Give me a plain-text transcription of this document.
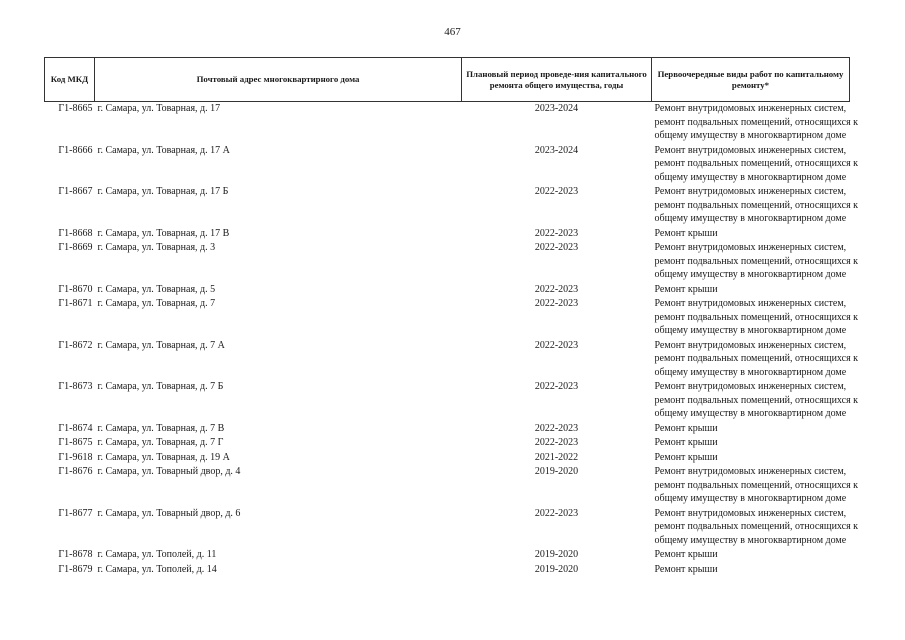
467
Код МКД	Почтовый адрес многоквартирного дома	Плановый период проведе-ния капитального ремонта общего имущества, годы	Первоочередные виды работ по капитальному ремонту*
Г1-8665	г. Самара, ул. Товарная, д. 17	2023-2024	Ремонт внутридомовых инженерных систем,
ремонт подвальных помещений, относящихся к
общему имуществу в многоквартирном доме

Г1-8666	г. Самара, ул. Товарная, д. 17 А	2023-2024	Ремонт внутридомовых инженерных систем,
ремонт подвальных помещений, относящихся к
общему имуществу в многоквартирном доме

Г1-8667	г. Самара, ул. Товарная, д. 17 Б	2022-2023	Ремонт внутридомовых инженерных систем,
ремонт подвальных помещений, относящихся к
общему имуществу в многоквартирном доме

Г1-8668	г. Самара, ул. Товарная, д. 17 В	2022-2023	Ремонт крыши

Г1-8669	г. Самара, ул. Товарная, д. 3	2022-2023	Ремонт внутридомовых инженерных систем,
ремонт подвальных помещений, относящихся к
общему имуществу в многоквартирном доме

Г1-8670	г. Самара, ул. Товарная, д. 5	2022-2023	Ремонт крыши

Г1-8671	г. Самара, ул. Товарная, д. 7	2022-2023	Ремонт внутридомовых инженерных систем,
ремонт подвальных помещений, относящихся к
общему имуществу в многоквартирном доме

Г1-8672	г. Самара, ул. Товарная, д. 7 А	2022-2023	Ремонт внутридомовых инженерных систем,
ремонт подвальных помещений, относящихся к
общему имуществу в многоквартирном доме

Г1-8673	г. Самара, ул. Товарная, д. 7 Б	2022-2023	Ремонт внутридомовых инженерных систем,
ремонт подвальных помещений, относящихся к
общему имуществу в многоквартирном доме

Г1-8674	г. Самара, ул. Товарная, д. 7 В	2022-2023	Ремонт крыши

Г1-8675	г. Самара, ул. Товарная, д. 7 Г	2022-2023	Ремонт крыши

Г1-9618	г. Самара, ул. Товарная, д. 19 А	2021-2022	Ремонт крыши

Г1-8676	г. Самара, ул. Товарный двор, д. 4	2019-2020	Ремонт внутридомовых инженерных систем,
ремонт подвальных помещений, относящихся к
общему имуществу в многоквартирном доме

Г1-8677	г. Самара, ул. Товарный двор, д. 6	2022-2023	Ремонт внутридомовых инженерных систем,
ремонт подвальных помещений, относящихся к
общему имуществу в многоквартирном доме

Г1-8678	г. Самара, ул. Тополей, д. 11	2019-2020	Ремонт крыши

Г1-8679	г. Самара, ул. Тополей, д. 14	2019-2020	Ремонт крыши
